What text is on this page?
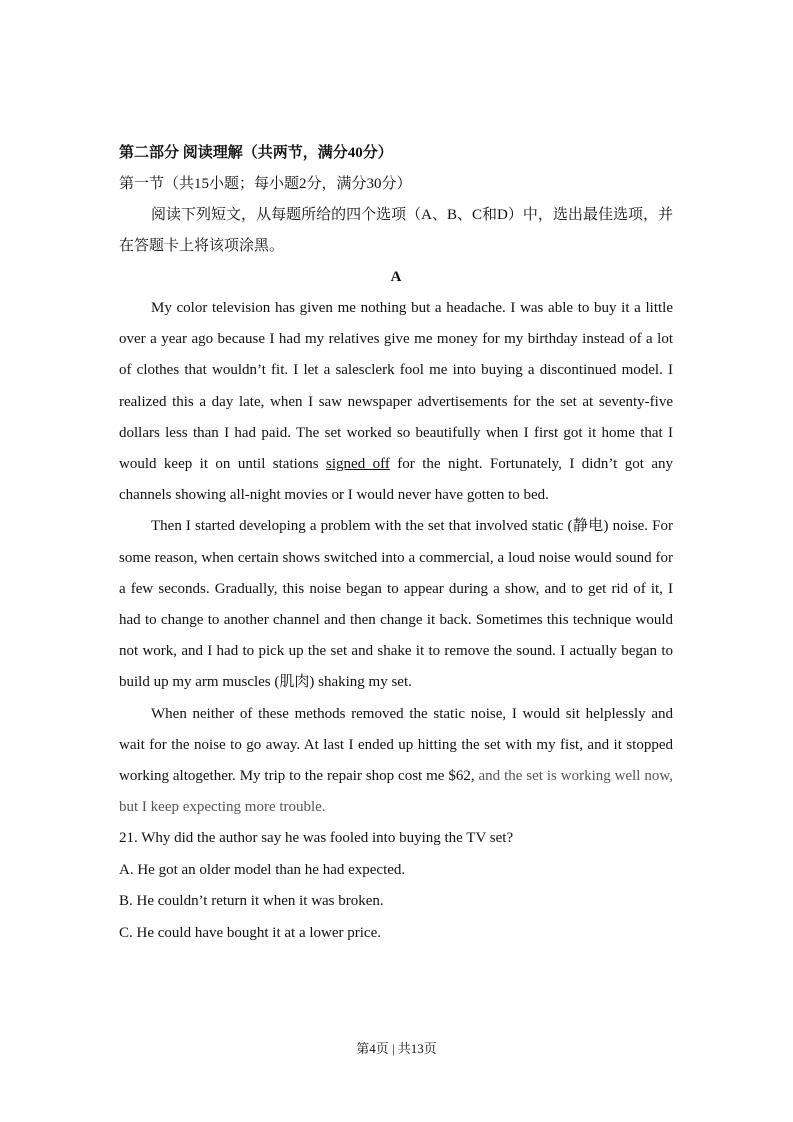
第二部分 阅读理解（共两节，满分40分）

第一节（共15小题；每小题2分，满分30分）

阅读下列短文，从每题所给的四个选项（A、B、C和D）中，选出最佳选项，并在答题卡上将该项涂黑。

A

My color television has given me nothing but a headache. I was able to buy it a little over a year ago because I had my relatives give me money for my birthday instead of a lot of clothes that wouldn’t fit. I let a salesclerk fool me into buying a discontinued model. I realized this a day late, when I saw newspaper advertisements for the set at seventy-five dollars less than I had paid. The set worked so beautifully when I first got it home that I would keep it on until stations signed off for the night. Fortunately, I didn’t got any channels showing all-night movies or I would never have gotten to bed.

Then I started developing a problem with the set that involved static (静电) noise. For some reason, when certain shows switched into a commercial, a loud noise would sound for a few seconds. Gradually, this noise began to appear during a show, and to get rid of it, I had to change to another channel and then change it back. Sometimes this technique would not work, and I had to pick up the set and shake it to remove the sound. I actually began to build up my arm muscles (肌肉) shaking my set.

When neither of these methods removed the static noise, I would sit helplessly and wait for the noise to go away. At last I ended up hitting the set with my fist, and it stopped working altogether. My trip to the repair shop cost me $62, and the set is working well now, but I keep expecting more trouble.

21. Why did the author say he was fooled into buying the TV set?

A. He got an older model than he had expected.

B. He couldn’t return it when it was broken.

C. He could have bought it at a lower price.

第4页 | 共13页
